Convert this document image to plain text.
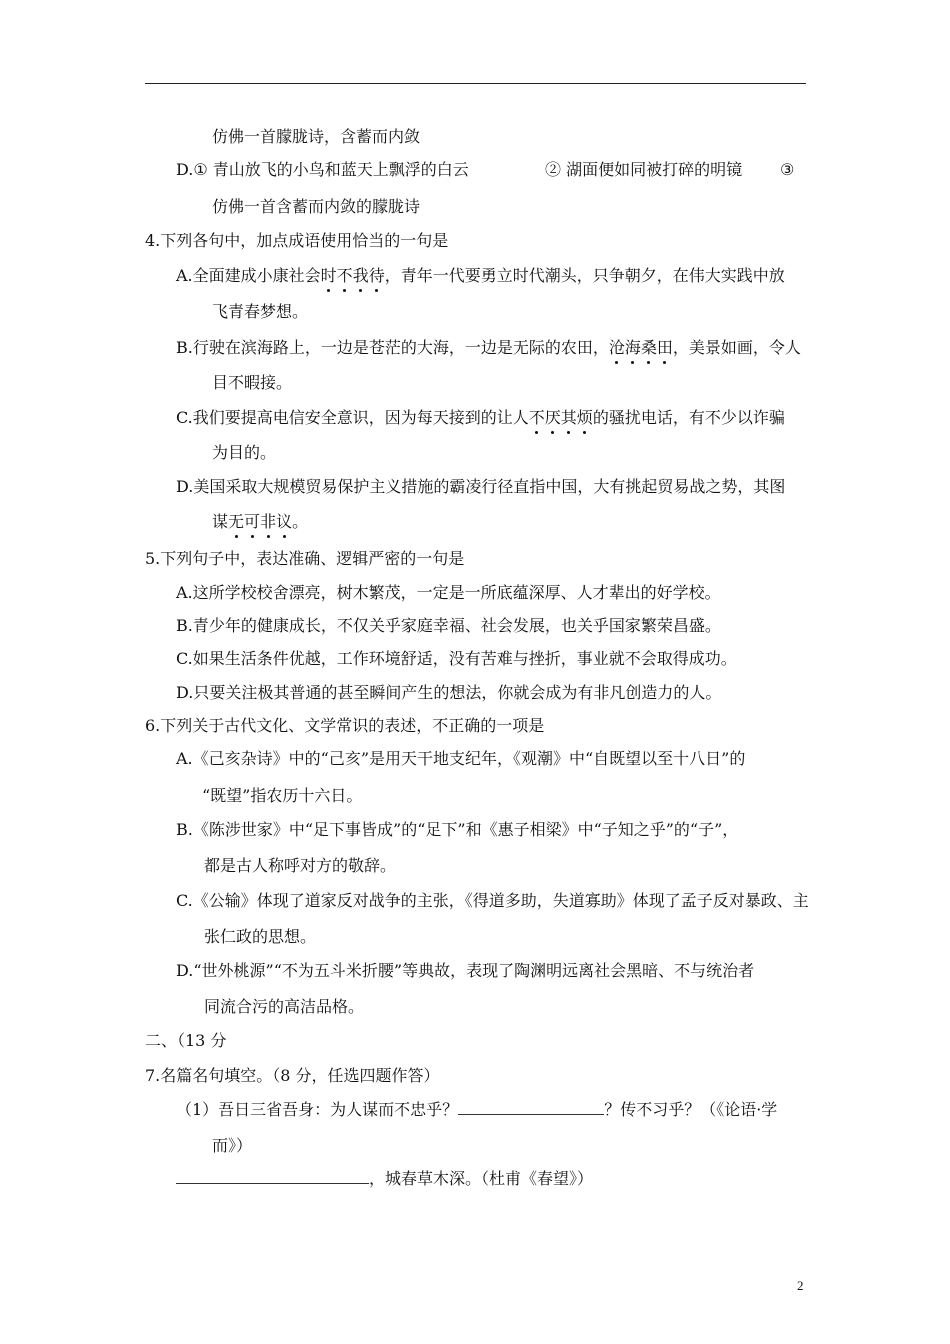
仿佛一首朦胧诗，含蓄而内敛
D.① 青山放飞的小鸟和蓝天上飘浮的白云	② 湖面便如同被打碎的明镜 ③
仿佛一首含蓄而内敛的朦胧诗
4.下列各句中，加点成语使用恰当的一句是
A.全面建成小康社会时不我待，青年一代要勇立时代潮头，只争朝夕，在伟大实践中放
飞青春梦想。
B.行驶在滨海路上，一边是苍茫的大海，一边是无际的农田，沧海桑田，美景如画，令人
目不暇接。
C.我们要提高电信安全意识，因为每天接到的让人不厌其烦的骚扰电话，有不少以诈骗
为目的。
D.美国采取大规模贸易保护主义措施的霸凌行径直指中国，大有挑起贸易战之势，其图
谋无可非议。
5.下列句子中，表达准确、逻辑严密的一句是
A.这所学校校舍漂亮，树木繁茂，一定是一所底蕴深厚、人才辈出的好学校。
B.青少年的健康成长，不仅关乎家庭幸福、社会发展，也关乎国家繁荣昌盛。
C.如果生活条件优越，工作环境舒适，没有苦难与挫折，事业就不会取得成功。
D.只要关注极其普通的甚至瞬间产生的想法，你就会成为有非凡创造力的人。
6.下列关于古代文化、文学常识的表述，不正确的一项是
A.《己亥杂诗》中的“己亥”是用天干地支纪年，《观潮》中“自既望以至十八日”的
“既望”指农历十六日。
B.《陈涉世家》中“足下事皆成”的“足下”和《惠子相梁》中“子知之乎”的“子”，
都是古人称呼对方的敬辞。
C.《公输》体现了道家反对战争的主张，《得道多助，失道寡助》体现了孟子反对暴政、主
张仁政的思想。
D.“世外桃源”“不为五斗米折腰”等典故，表现了陶渊明远离社会黑暗、不与统治者
同流合污的高洁品格。
二、（13 分
7.名篇名句填空。（8 分，任选四题作答）
（1）吾日三省吾身：为人谋而不忠乎？	？传不习乎？（《论语·学
而》）
，城春草木深。（杜甫《春望》）
2
